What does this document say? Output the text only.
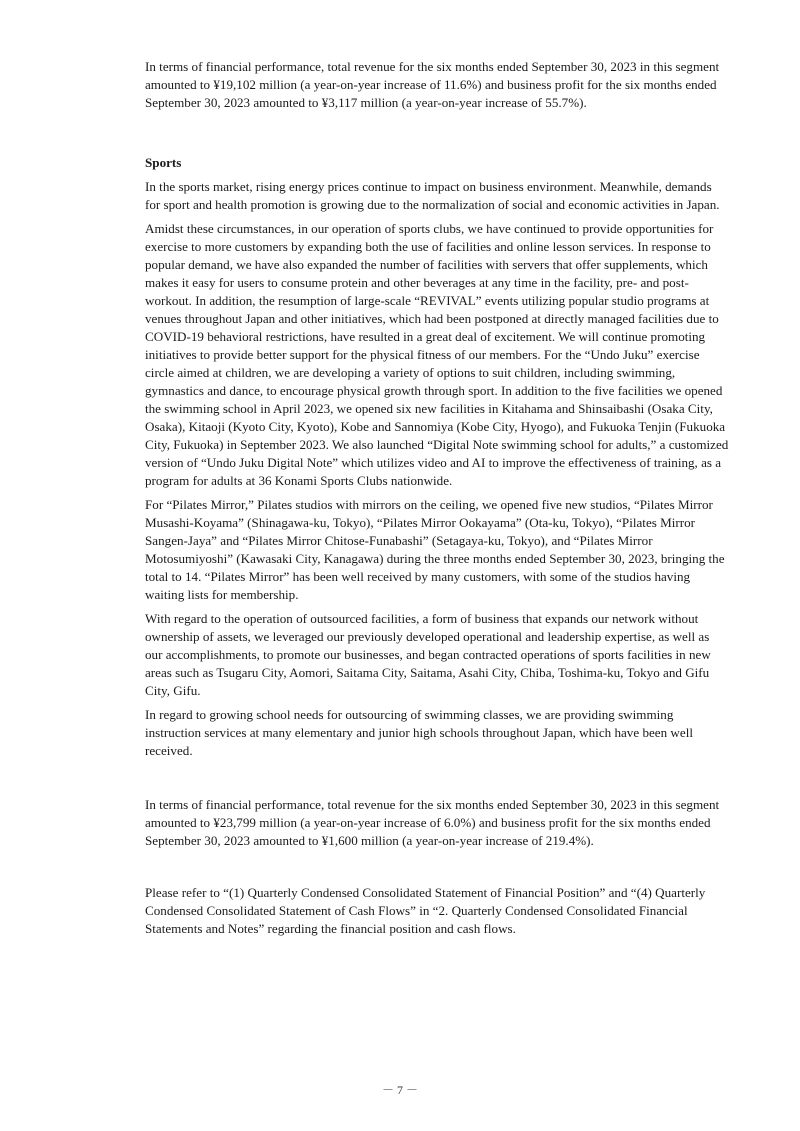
In terms of financial performance, total revenue for the six months ended September 30, 2023 in this segment amounted to ¥19,102 million (a year-on-year increase of 11.6%) and business profit for the six months ended September 30, 2023 amounted to ¥3,117 million (a year-on-year increase of 55.7%).

Sports

In the sports market, rising energy prices continue to impact on business environment. Meanwhile, demands for sport and health promotion is growing due to the normalization of social and economic activities in Japan.

Amidst these circumstances, in our operation of sports clubs, we have continued to provide opportunities for exercise to more customers by expanding both the use of facilities and online lesson services. In response to popular demand, we have also expanded the number of facilities with servers that offer supplements, which makes it easy for users to consume protein and other beverages at any time in the facility, pre- and post-workout. In addition, the resumption of large-scale “REVIVAL” events utilizing popular studio programs at venues throughout Japan and other initiatives, which had been postponed at directly managed facilities due to COVID-19 behavioral restrictions, have resulted in a great deal of excitement. We will continue promoting initiatives to provide better support for the physical fitness of our members. For the “Undo Juku” exercise circle aimed at children, we are developing a variety of options to suit children, including swimming, gymnastics and dance, to encourage physical growth through sport. In addition to the five facilities we opened the swimming school in April 2023, we opened six new facilities in Kitahama and Shinsaibashi (Osaka City, Osaka), Kitaoji (Kyoto City, Kyoto), Kobe and Sannomiya (Kobe City, Hyogo), and Fukuoka Tenjin (Fukuoka City, Fukuoka) in September 2023. We also launched “Digital Note swimming school for adults,” a customized version of “Undo Juku Digital Note” which utilizes video and AI to improve the effectiveness of training, as a program for adults at 36 Konami Sports Clubs nationwide.

For “Pilates Mirror,” Pilates studios with mirrors on the ceiling, we opened five new studios, “Pilates Mirror Musashi-Koyama” (Shinagawa-ku, Tokyo), “Pilates Mirror Ookayama” (Ota-ku, Tokyo), “Pilates Mirror Sangen-Jaya” and “Pilates Mirror Chitose-Funabashi” (Setagaya-ku, Tokyo), and “Pilates Mirror Motosumiyoshi” (Kawasaki City, Kanagawa) during the three months ended September 30, 2023, bringing the total to 14. “Pilates Mirror” has been well received by many customers, with some of the studios having waiting lists for membership.

With regard to the operation of outsourced facilities, a form of business that expands our network without ownership of assets, we leveraged our previously developed operational and leadership expertise, as well as our accomplishments, to promote our businesses, and began contracted operations of sports facilities in new areas such as Tsugaru City, Aomori, Saitama City, Saitama, Asahi City, Chiba, Toshima-ku, Tokyo and Gifu City, Gifu.

In regard to growing school needs for outsourcing of swimming classes, we are providing swimming instruction services at many elementary and junior high schools throughout Japan, which have been well received.

In terms of financial performance, total revenue for the six months ended September 30, 2023 in this segment amounted to ¥23,799 million (a year-on-year increase of 6.0%) and business profit for the six months ended September 30, 2023 amounted to ¥1,600 million (a year-on-year increase of 219.4%).

Please refer to “(1) Quarterly Condensed Consolidated Statement of Financial Position” and “(4) Quarterly Condensed Consolidated Statement of Cash Flows” in “2. Quarterly Condensed Consolidated Financial Statements and Notes” regarding the financial position and cash flows.

－ 7 －
